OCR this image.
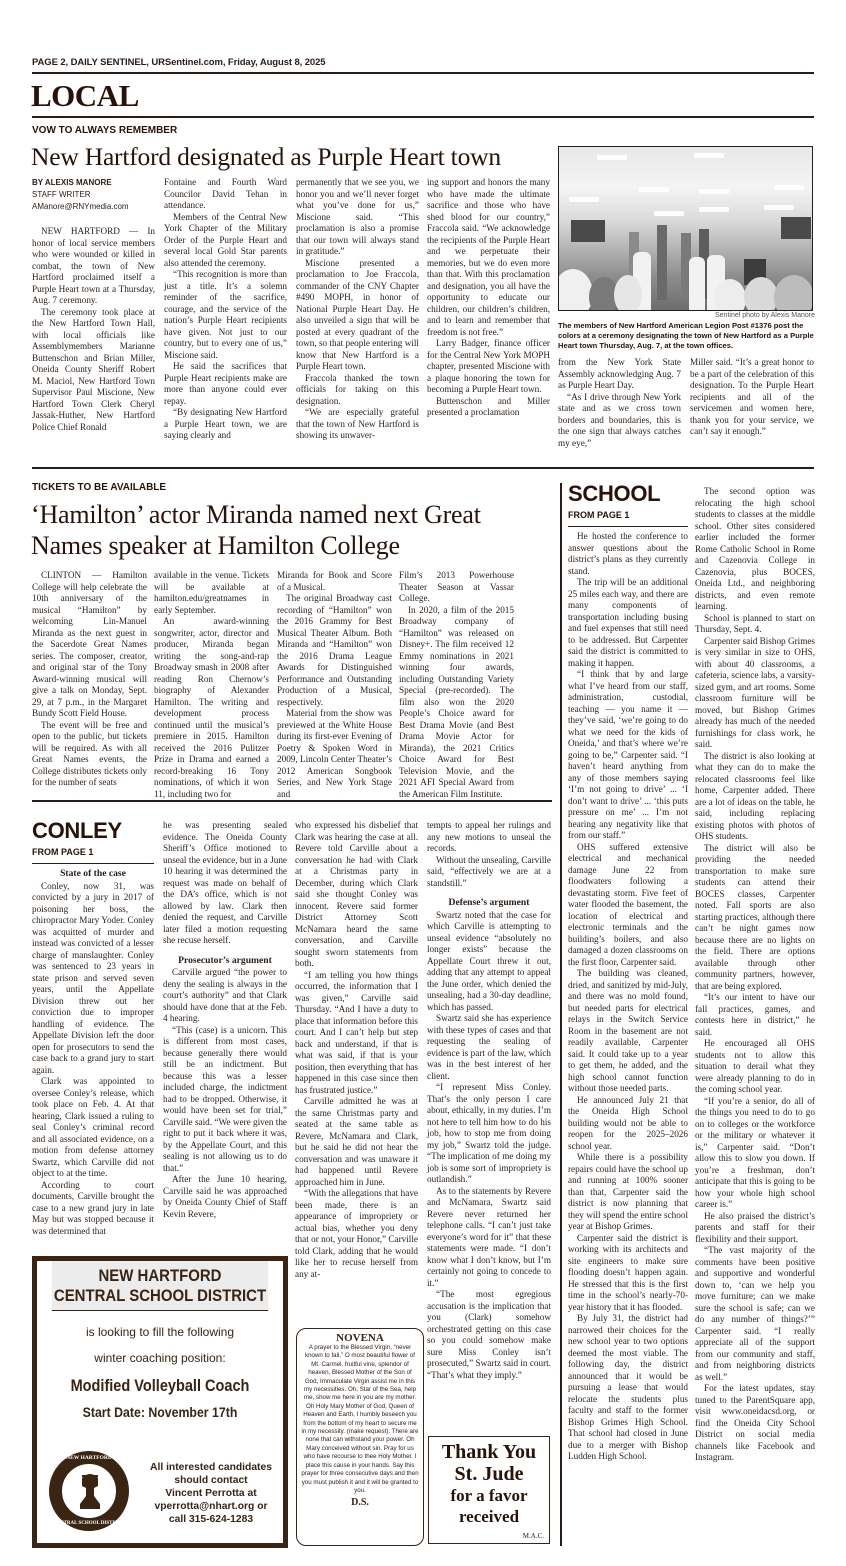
PAGE 2, DAILY SENTINEL, URSentinel.com, Friday, August 8, 2025
LOCAL
VOW TO ALWAYS REMEMBER
New Hartford designated as Purple Heart town
BY ALEXIS MANORE
STAFF WRITER
AManore@RNYmedia.com

NEW HARTFORD — In honor of local service members who were wounded or killed in combat, the town of New Hartford proclaimed itself a Purple Heart town at a Thursday, Aug. 7 ceremony.

The ceremony took place at the New Hartford Town Hall, with local officials like Assemblymembers Marianne Buttenschon and Brian Miller, Oneida County Sheriff Robert M. Maciol, New Hartford Town Supervisor Paul Miscione, New Hartford Town Clerk Cheryl Jassak-Huther, New Hartford Police Chief Ronald

Fontaine and Fourth Ward Councilor David Tehan in attendance.

Members of the Central New York Chapter of the Military Order of the Purple Heart and several local Gold Star parents also attended the ceremony.

“This recognition is more than just a title. It’s a solemn reminder of the sacrifice, courage, and the service of the nation’s Purple Heart recipients have given. Not just to our country, but to every one of us,” Miscione said.

He said the sacrifices that Purple Heart recipients make are more than anyone could ever repay.

“By designating New Hartford a Purple Heart town, we are saying clearly and

permanently that we see you, we honor you and we’ll never forget what you’ve done for us,” Miscione said. “This proclamation is also a promise that our town will always stand in gratitude.”

Miscione presented a proclamation to Joe Fraccola, commander of the CNY Chapter #490 MOPH, in honor of National Purple Heart Day. He also unveiled a sign that will be posted at every quadrant of the town, so that people entering will know that New Hartford is a Purple Heart town.

Fraccola thanked the town officials for taking on this designation.

“We are especially grateful that the town of New Hartford is showing its unwaver-

ing support and honors the many who have made the ultimate sacrifice and those who have shed blood for our country,” Fraccola said. “We acknowledge the recipients of the Purple Heart and we perpetuate their memories, but we do even more than that. With this proclamation and designation, you all have the opportunity to educate our children, our children’s children, and to learn and remember that freedom is not free.”

Larry Badger, finance officer for the Central New York MOPH chapter, presented Miscione with a plaque honoring the town for becoming a Purple Heart town.

Buttenschon and Miller presented a proclamation

Sentinel photo by Alexis Manore
The members of New Hartford American Legion Post #1376 post the colors at a ceremony designating the town of New Hartford as a Purple Heart town Thursday, Aug. 7, at the town offices.

from the New York State Assembly acknowledging Aug. 7 as Purple Heart Day.

“As I drive through New York state and as we cross town borders and boundaries, this is the one sign that always catches my eye,”

Miller said. “It’s a great honor to be a part of the celebration of this designation. To the Purple Heart recipients and all of the servicemen and women here, thank you for your service, we can’t say it enough.”

TICKETS TO BE AVAILABLE
‘Hamilton’ actor Miranda named next Great Names speaker at Hamilton College

CLINTON — Hamilton College will help celebrate the 10th anniversary of the musical “Hamilton” by welcoming Lin-Manuel Miranda as the next guest in the Sacerdote Great Names series. The composer, creator, and original star of the Tony Award-winning musical will give a talk on Monday, Sept. 29, at 7 p.m., in the Margaret Bundy Scott Field House.

The event will be free and open to the public, but tickets will be required. As with all Great Names events, the College distributes tickets only for the number of seats

available in the venue. Tickets will be available at hamilton.edu/greatnames in early September.

An award-winning songwriter, actor, director and producer, Miranda began writing the song-and-rap Broadway smash in 2008 after reading Ron Chernow’s biography of Alexander Hamilton. The writing and development process continued until the musical’s premiere in 2015. Hamilton received the 2016 Pulitzer Prize in Drama and earned a record-breaking 16 Tony nominations, of which it won 11, including two for

Miranda for Book and Score of a Musical.

The original Broadway cast recording of “Hamilton” won the 2016 Grammy for Best Musical Theater Album. Both Miranda and “Hamilton” won the 2016 Drama League Awards for Distinguished Performance and Outstanding Production of a Musical, respectively.

Material from the show was previewed at the White House during its first-ever Evening of Poetry & Spoken Word in 2009, Lincoln Center Theater’s 2012 American Songbook Series, and New York Stage and

Film’s 2013 Powerhouse Theater Season at Vassar College.

In 2020, a film of the 2015 Broadway company of “Hamilton” was released on Disney+. The film received 12 Emmy nominations in 2021 winning four awards, including Outstanding Variety Special (pre-recorded). The film also won the 2020 People’s Choice award for Best Drama Movie (and Best Drama Movie Actor for Miranda), the 2021 Critics Choice Award for Best Television Movie, and the 2021 AFI Special Award from the American Film Institute.

SCHOOL
FROM PAGE 1

He hosted the conference to answer questions about the district’s plans as they currently stand.

The trip will be an additional 25 miles each way, and there are many components of transportation including busing and fuel expenses that still need to be addressed. But Carpenter said the district is committed to making it happen.

“I think that by and large what I’ve heard from our staff, administration, custodial, teaching — you name it — they’ve said, ‘we’re going to do what we need for the kids of Oneida,’ and that’s where we’re going to be,” Carpenter said. “I haven’t heard anything from any of those members saying ‘I’m not going to drive’ ... ‘I don’t want to drive’ ... ‘this puts pressure on me’ ... I’m not hearing any negativity like that from our staff.”

OHS suffered extensive electrical and mechanical damage June 22 from floodwaters following a devastating storm. Five feet of water flooded the basement, the location of electrical and electronic terminals and the building’s boilers, and also damaged a dozen classrooms on the first floor, Carpenter said.

The building was cleaned, dried, and sanitized by mid-July, and there was no mold found, but needed parts for electrical relays in the Switch Service Room in the basement are not readily available, Carpenter said. It could take up to a year to get them, he added, and the high school cannot function without those needed parts.

He announced July 21 that the Oneida High School building would not be able to reopen for the 2025–2026 school year.

While there is a possibility repairs could have the school up and running at 100% sooner than that, Carpenter said the district is now planning that they will spend the entire school year at Bishop Grimes.

Carpenter said the district is working with its architects and site engineers to make sure flooding doesn’t happen again. He stressed that this is the first time in the school’s nearly-70-year history that it has flooded.

By July 31, the district had narrowed their choices for the new school year to two options deemed the most viable. The following day, the district announced that it would be pursuing a lease that would relocate the students plus faculty and staff to the former Bishop Grimes High School. That school had closed in June due to a merger with Bishop Ludden High School.

The second option was relocating the high school students to classes at the middle school. Other sites considered earlier included the former Rome Catholic School in Rome and Cazenovia College in Cazenovia, plus BOCES, Oneida Ltd., and neighboring districts, and even remote learning.

School is planned to start on Thursday, Sept. 4.

Carpenter said Bishop Grimes is very similar in size to OHS, with about 40 classrooms, a cafeteria, science labs, a varsity-sized gym, and art rooms. Some classroom furniture will be moved, but Bishop Grimes already has much of the needed furnishings for class work, he said.

The district is also looking at what they can do to make the relocated classrooms feel like home, Carpenter added. There are a lot of ideas on the table, he said, including replacing existing photos with photos of OHS students.

The district will also be providing the needed transportation to make sure students can attend their BOCES classes, Carpenter noted. Fall sports are also starting practices, although there can’t be night games now because there are no lights on the field. There are options available through other community partners, however, that are being explored.

“It’s our intent to have our fall practices, games, and contests here in district,” he said.

He encouraged all OHS students not to allow this situation to derail what they were already planning to do in the coming school year.

“If you’re a senior, do all of the things you need to do to go on to colleges or the workforce or the military or whatever it is,” Carpenter said. “Don’t allow this to slow you down. If you’re a freshman, don’t anticipate that this is going to be how your whole high school career is.”

He also praised the district’s parents and staff for their flexibility and their support.

“The vast majority of the comments have been positive and supportive and wonderful down to, ‘can we help you move furniture; can we make sure the school is safe; can we do any number of things?’” Carpenter said. “I really appreciate all of the support from our community and staff, and from neighboring districts as well.”

For the latest updates, stay tuned to the ParentSquare app, visit www.oneidacsd.org, or find the Oneida City School District on social media channels like Facebook and Instagram.

CONLEY
FROM PAGE 1

State of the case

Conley, now 31, was convicted by a jury in 2017 of poisoning her boss, the chiropractor Mary Yoder. Conley was acquitted of murder and instead was convicted of a lesser charge of manslaughter. Conley was sentenced to 23 years in state prison and served seven years, until the Appellate Division threw out her conviction due to improper handling of evidence. The Appellate Division left the door open for prosecutors to send the case back to a grand jury to start again.

Clark was appointed to oversee Conley’s release, which took place on Feb. 4. At that hearing, Clark issued a ruling to seal Conley’s criminal record and all associated evidence, on a motion from defense attorney Swartz, which Carville did not object to at the time.

According to court documents, Carville brought the case to a new grand jury in late May but was stopped because it was determined that

he was presenting sealed evidence. The Oneida County Sheriff’s Office motioned to unseal the evidence, but in a June 10 hearing it was determined the request was made on behalf of the DA’s office, which is not allowed by law. Clark then denied the request, and Carville later filed a motion requesting she recuse herself.

Prosecutor’s argument

Carville argued “the power to deny the sealing is always in the court’s authority” and that Clark should have done that at the Feb. 4 hearing.

“This (case) is a unicorn. This is different from most cases, because generally there would still be an indictment. But because this was a lesser included charge, the indictment had to be dropped. Otherwise, it would have been set for trial,” Carville said. “We were given the right to put it back where it was, by the Appellate Court, and this sealing is not allowing us to do that.”

After the June 10 hearing, Carville said he was approached by Oneida County Chief of Staff Kevin Revere,

who expressed his disbelief that Clark was hearing the case at all. Revere told Carville about a conversation he had with Clark at a Christmas party in December, during which Clark said she thought Conley was innocent. Revere said former District Attorney Scott McNamara heard the same conversation, and Carville sought sworn statements from both.

“I am telling you how things occurred, the information that I was given,” Carville said Thursday. “And I have a duty to place that information before this court. And I can’t help but step back and understand, if that is what was said, if that is your position, then everything that has happened in this case since then has frustrated justice.”

Carville admitted he was at the same Christmas party and seated at the same table as Revere, McNamara and Clark, but he said he did not hear the conversation and was unaware it had happened until Revere approached him in June.

“With the allegations that have been made, there is an appearance of impropriety or actual bias, whether you deny that or not, your Honor,” Carville told Clark, adding that he would like her to recuse herself from any at-

tempts to appeal her rulings and any new motions to unseal the records.

Without the unsealing, Carville said, “effectively we are at a standstill.”

Defense’s argument

Swartz noted that the case for which Carville is attempting to unseal evidence “absolutely no longer exists” because the Appellate Court threw it out, adding that any attempt to appeal the June order, which denied the unsealing, had a 30-day deadline, which has passed.

Swartz said she has experience with these types of cases and that requesting the sealing of evidence is part of the law, which was in the best interest of her client.

“I represent Miss Conley. That’s the only person I care about, ethically, in my duties. I’m not here to tell him how to do his job, how to stop me from doing my job,” Swartz told the judge. “The implication of me doing my job is some sort of impropriety is outlandish.”

As to the statements by Revere and McNamara, Swartz said Revere never returned her telephone calls. “I can’t just take everyone’s word for it” that these statements were made. “I don’t know what I don’t know, but I’m certainly not going to concede to it.”

“The most egregious accusation is the implication that you (Clark) somehow orchestrated getting on this case so you could somehow make sure Miss Conley isn’t prosecuted,” Swartz said in court. “That’s what they imply.”

NEW HARTFORD
CENTRAL SCHOOL DISTRICT
is looking to fill the following
winter coaching position:
Modified Volleyball Coach
Start Date: November 17th
NEW HARTFORD
CENTRAL SCHOOL DISTRICT
All interested candidates
should contact
Vincent Perrotta at
vperrotta@nhart.org or
call 315-624-1283
NOVENA
A prayer to the Blessed Virgin, “never known to fail.” O most beautiful flower of Mt. Carmel, fruitful vine, splendor of heaven, Blessed Mother of the Son of God, Immaculate Virgin assist me in this my necessities. Oh, Star of the Sea, help me, show me here in you are my mother. Oh Holy Mary Mother of God, Queen of Heaven and Earth, I humbly beseech you from the bottom of my heart to secure me in my necessity. (make request). There are none that can withstand your power. Oh Mary conceived without sin. Pray for us who have recourse to thee Holy Mother. I place this cause in your hands. Say this prayer for three consecutive days and then you must publish it and it will be granted to you.
D.S.
Thank You
St. Jude
for a favor
received
M.A.C.
